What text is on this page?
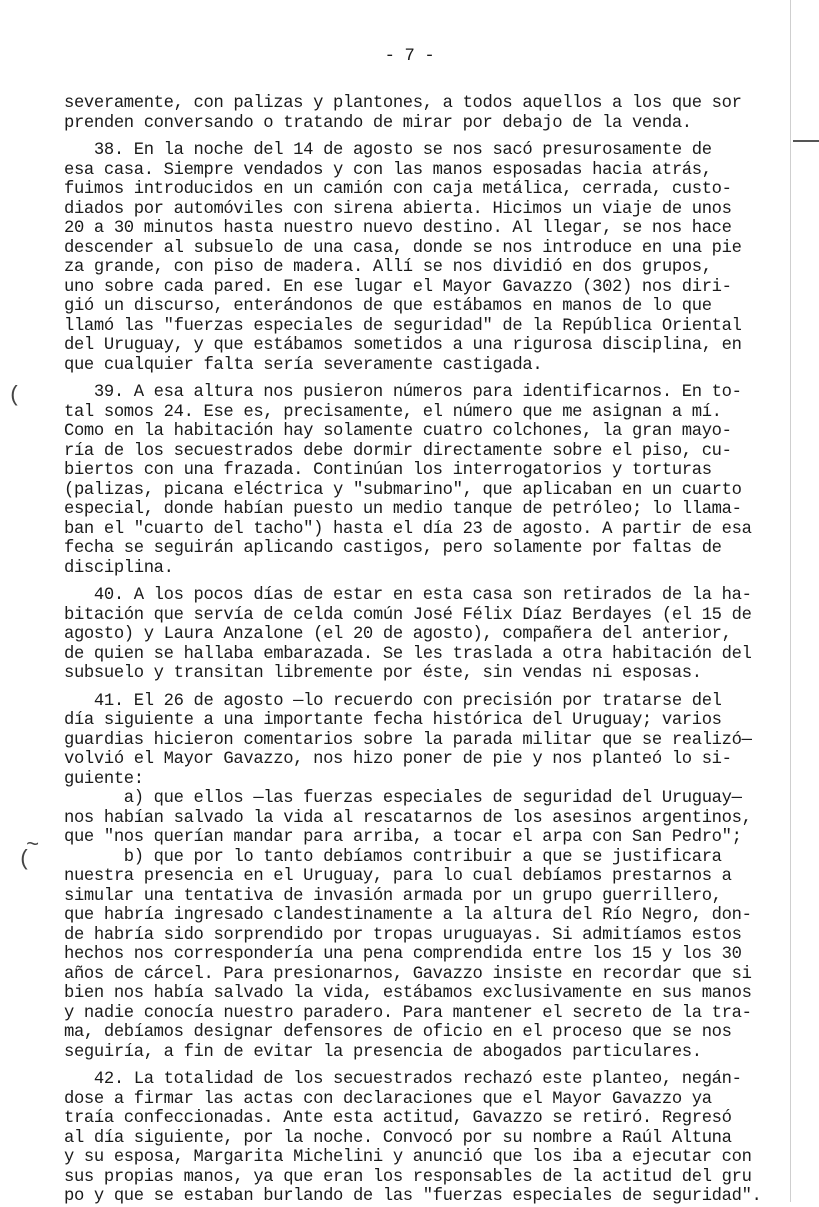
- 7 -
(
~
(
severamente, con palizas y plantones, a todos aquellos a los que sor
prenden conversando o tratando de mirar por debajo de la venda.
38. En la noche del 14 de agosto se nos sacó presurosamente de
esa casa. Siempre vendados y con las manos esposadas hacia atrás,
fuimos introducidos en un camión con caja metálica, cerrada, custo-
diados por automóviles con sirena abierta. Hicimos un viaje de unos
20 a 30 minutos hasta nuestro nuevo destino. Al llegar, se nos hace
descender al subsuelo de una casa, donde se nos introduce en una pie
za grande, con piso de madera. Allí se nos dividió en dos grupos,
uno sobre cada pared. En ese lugar el Mayor Gavazzo (302) nos diri-
gió un discurso, enterándonos de que estábamos en manos de lo que
llamó las "fuerzas especiales de seguridad" de la República Oriental
del Uruguay, y que estábamos sometidos a una rigurosa disciplina, en
que cualquier falta sería severamente castigada.
39. A esa altura nos pusieron números para identificarnos. En to-
tal somos 24. Ese es, precisamente, el número que me asignan a mí.
Como en la habitación hay solamente cuatro colchones, la gran mayo-
ría de los secuestrados debe dormir directamente sobre el piso, cu-
biertos con una frazada. Continúan los interrogatorios y torturas
(palizas, picana eléctrica y "submarino", que aplicaban en un cuarto
especial, donde habían puesto un medio tanque de petróleo; lo llama-
ban el "cuarto del tacho") hasta el día 23 de agosto. A partir de esa
fecha se seguirán aplicando castigos, pero solamente por faltas de
disciplina.
40. A los pocos días de estar en esta casa son retirados de la ha-
bitación que servía de celda común José Félix Díaz Berdayes (el 15 de
agosto) y Laura Anzalone (el 20 de agosto), compañera del anterior,
de quien se hallaba embarazada. Se les traslada a otra habitación del
subsuelo y transitan libremente por éste, sin vendas ni esposas.
41. El 26 de agosto —lo recuerdo con precisión por tratarse del
día siguiente a una importante fecha histórica del Uruguay; varios
guardias hicieron comentarios sobre la parada militar que se realizó—
volvió el Mayor Gavazzo, nos hizo poner de pie y nos planteó lo si-
guiente:
a) que ellos —las fuerzas especiales de seguridad del Uruguay—
nos habían salvado la vida al rescatarnos de los asesinos argentinos,
que "nos querían mandar para arriba, a tocar el arpa con San Pedro";
b) que por lo tanto debíamos contribuir a que se justificara
nuestra presencia en el Uruguay, para lo cual debíamos prestarnos a
simular una tentativa de invasión armada por un grupo guerrillero,
que habría ingresado clandestinamente a la altura del Río Negro, don-
de habría sido sorprendido por tropas uruguayas. Si admitíamos estos
hechos nos correspondería una pena comprendida entre los 15 y los 30
años de cárcel. Para presionarnos, Gavazzo insiste en recordar que si
bien nos había salvado la vida, estábamos exclusivamente en sus manos
y nadie conocía nuestro paradero. Para mantener el secreto de la tra-
ma, debíamos designar defensores de oficio en el proceso que se nos
seguiría, a fin de evitar la presencia de abogados particulares.
42. La totalidad de los secuestrados rechazó este planteo, negán-
dose a firmar las actas con declaraciones que el Mayor Gavazzo ya
traía confeccionadas. Ante esta actitud, Gavazzo se retiró. Regresó
al día siguiente, por la noche. Convocó por su nombre a Raúl Altuna
y su esposa, Margarita Michelini y anunció que los iba a ejecutar con
sus propias manos, ya que eran los responsables de la actitud del gru
po y que se estaban burlando de las "fuerzas especiales de seguridad".
